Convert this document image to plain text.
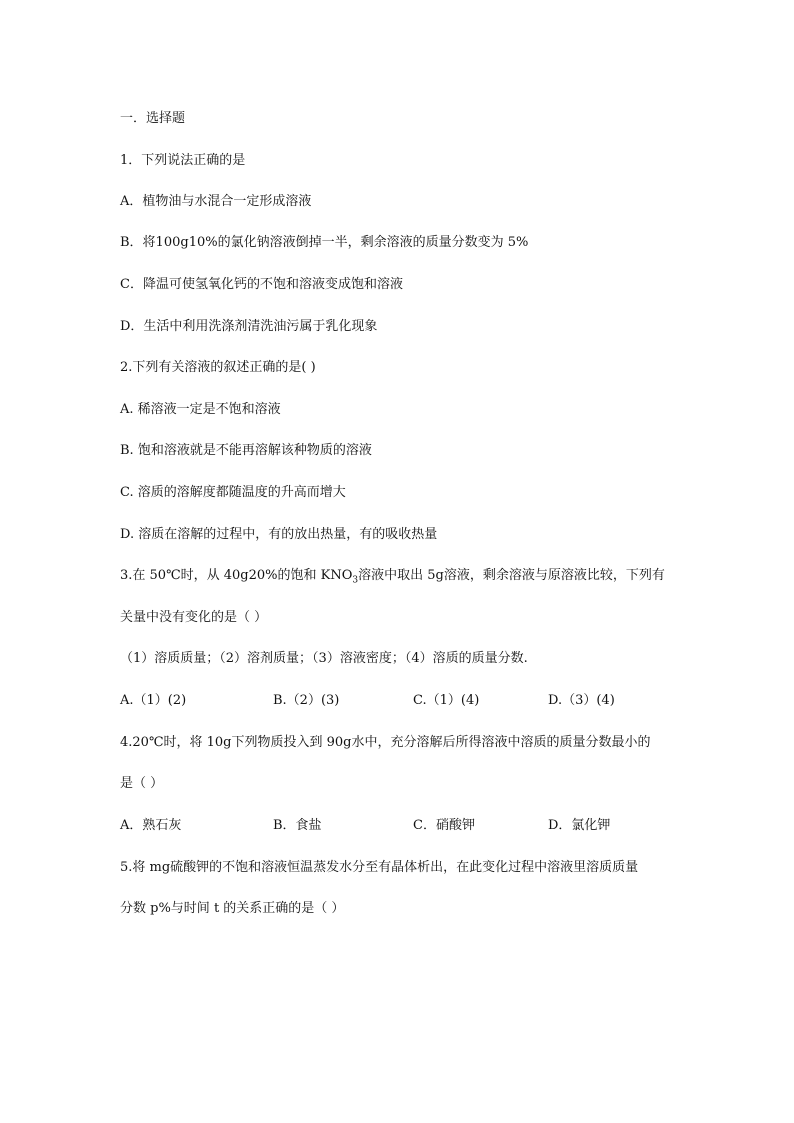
一．选择题
1．下列说法正确的是
A．植物油与水混合一定形成溶液
B．将100g10%的氯化钠溶液倒掉一半，剩余溶液的质量分数变为 5%
C．降温可使氢氧化钙的不饱和溶液变成饱和溶液
D．生活中利用洗涤剂清洗油污属于乳化现象
2.下列有关溶液的叙述正确的是( )
A. 稀溶液一定是不饱和溶液
B. 饱和溶液就是不能再溶解该种物质的溶液
C. 溶质的溶解度都随温度的升高而增大
D. 溶质在溶解的过程中，有的放出热量，有的吸收热量
3.在 50℃时，从 40g20%的饱和 $KNO_3$溶液中取出 5g溶液，剩余溶液与原溶液比较，下列有
关量中没有变化的是（ ）
（1）溶质质量；（2）溶剂质量；（3）溶液密度；（4）溶质的质量分数.
A.（1）(2)	B.（2）(3)	C.（1）(4)	D.（3）(4)
4.20℃时，将 10g下列物质投入到 90g水中，充分溶解后所得溶液中溶质的质量分数最小的
是（ ）
A．熟石灰	B．食盐	C．硝酸钾	D．氯化钾
5.将 mg硫酸钾的不饱和溶液恒温蒸发水分至有晶体析出，在此变化过程中溶液里溶质质量
分数 p%与时间 t 的关系正确的是（ ）
